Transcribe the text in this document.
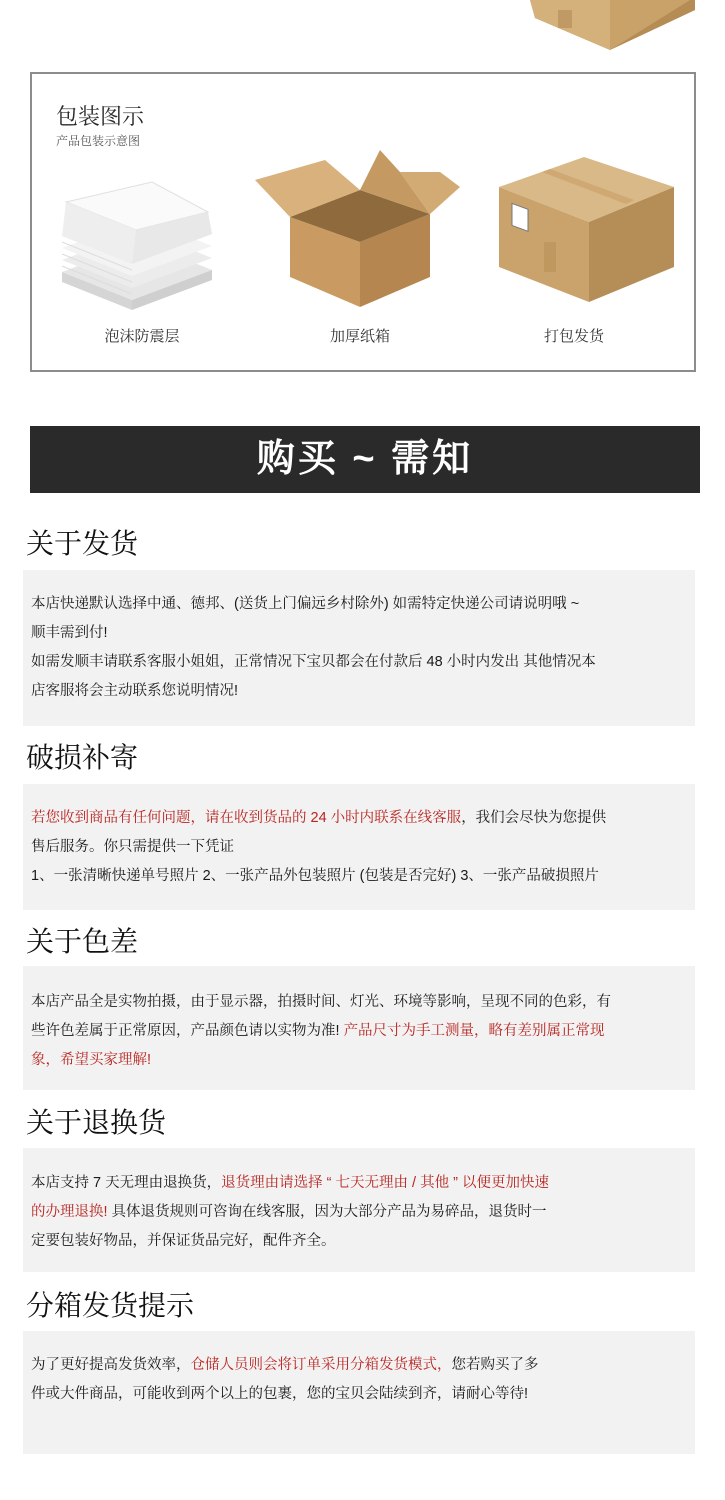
包装图示
产品包装示意图
泡沫防震层	加厚纸箱	打包发货
购买 ~ 需知
关于发货

本店快递默认选择中通、德邦、(送货上门偏远乡村除外) 如需特定快递公司请说明哦 ~

顺丰需到付!

如需发顺丰请联系客服小姐姐，正常情况下宝贝都会在付款后 48 小时内发出 其他情况本

店客服将会主动联系您说明情况!

破损补寄

若您收到商品有任何问题，请在收到货品的 24 小时内联系在线客服，我们会尽快为您提供

售后服务。你只需提供一下凭证

1、一张清晰快递单号照片 2、一张产品外包装照片 (包装是否完好) 3、一张产品破损照片

关于色差

本店产品全是实物拍摄，由于显示器，拍摄时间、灯光、环境等影响，呈现不同的色彩，有

些许色差属于正常原因，产品颜色请以实物为准! 产品尺寸为手工测量，略有差别属正常现

象，希望买家理解!

关于退换货

本店支持 7 天无理由退换货，退货理由请选择 “ 七天无理由 / 其他 ” 以便更加快速

的办理退换! 具体退货规则可咨询在线客服，因为大部分产品为易碎品，退货时一

定要包装好物品，并保证货品完好，配件齐全。

分箱发货提示

为了更好提高发货效率，仓储人员则会将订单采用分箱发货模式，您若购买了多

件或大件商品，可能收到两个以上的包裹，您的宝贝会陆续到齐，请耐心等待!
